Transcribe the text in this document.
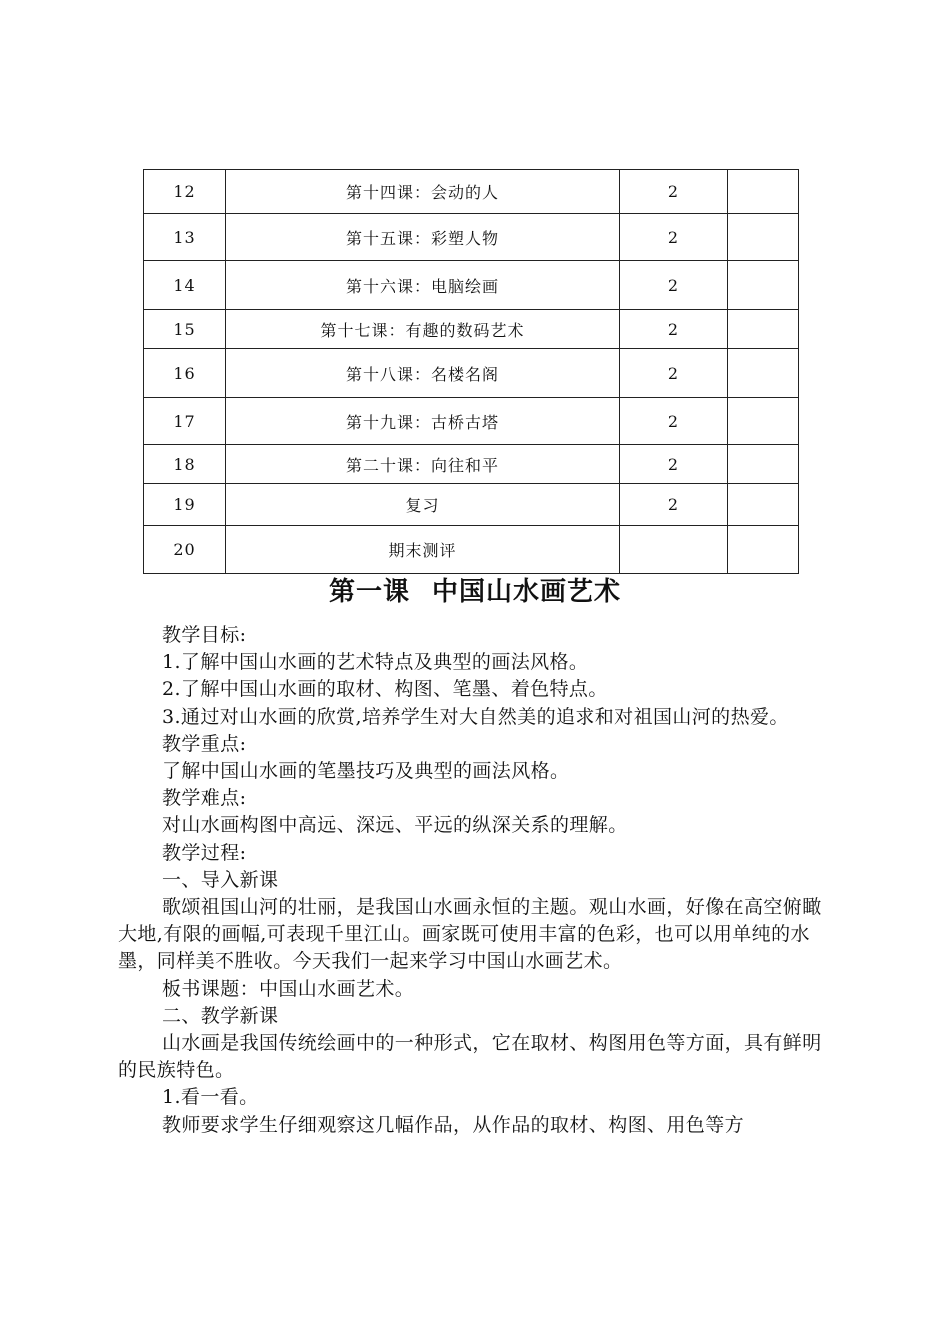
12	第十四课：会动的人	2	
13	第十五课：彩塑人物	2	
14	第十六课：电脑绘画	2	
15	第十七课：有趣的数码艺术	2	
16	第十八课：名楼名阁	2	
17	第十九课：古桥古塔	2	
18	第二十课：向往和平	2	
19	复习	2	
20	期末测评		
第一课 中国山水画艺术

教学目标:

1.了解中国山水画的艺术特点及典型的画法风格。

2.了解中国山水画的取材、构图、笔墨、着色特点。

3.通过对山水画的欣赏,培养学生对大自然美的追求和对祖国山河的热爱。

教学重点:

了解中国山水画的笔墨技巧及典型的画法风格。

教学难点:

对山水画构图中高远、深远、平远的纵深关系的理解。

教学过程:

一、导入新课

歌颂祖国山河的壮丽，是我国山水画永恒的主题。观山水画，好像在高空俯瞰大地,有限的画幅,可表现千里江山。画家既可使用丰富的色彩，也可以用单纯的水墨，同样美不胜收。今天我们一起来学习中国山水画艺术。

板书课题：中国山水画艺术。

二、教学新课

山水画是我国传统绘画中的一种形式，它在取材、构图用色等方面，具有鲜明的民族特色。

1.看一看。

教师要求学生仔细观察这几幅作品，从作品的取材、构图、用色等方
